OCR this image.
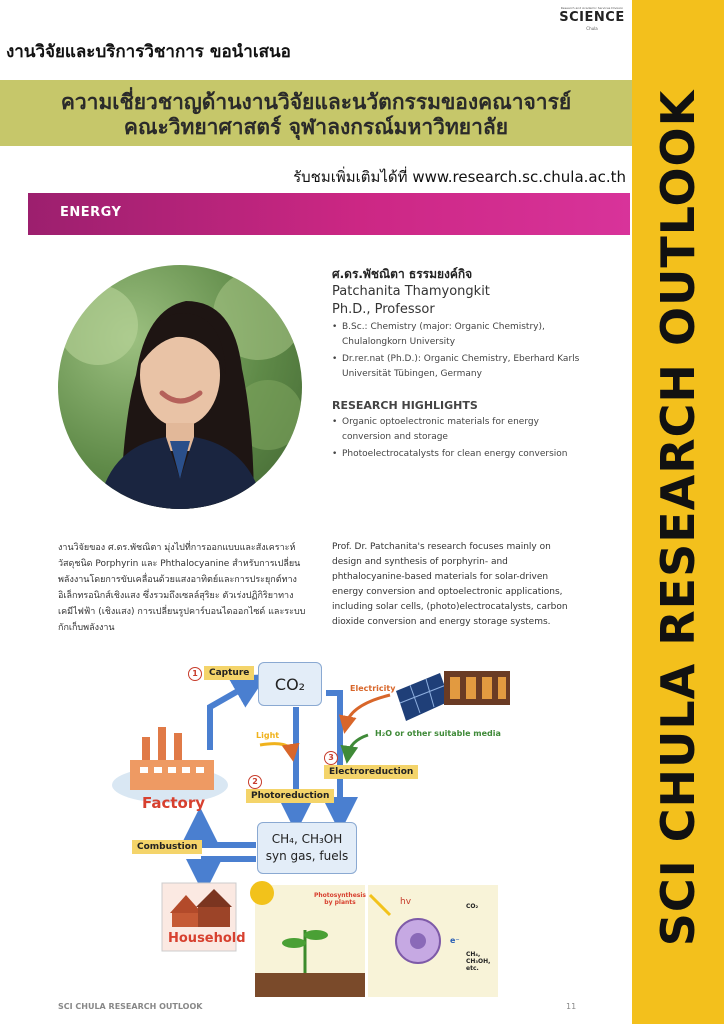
SCI CHULA RESEARCH OUTLOOK
Research and Academic Services Division
SCIENCE
Chula
งานวิจัยและบริการวิชาการ ขอนำเสนอ
ความเชี่ยวชาญด้านงานวิจัยและนวัตกรรมของคณาจารย์
คณะวิทยาศาสตร์ จุฬาลงกรณ์มหาวิทยาลัย
รับชมเพิ่มเติมได้ที่ www.research.sc.chula.ac.th
ENERGY
ศ.ดร.พัชณิตา ธรรมยงค์กิจ
Patchanita Thamyongkit
Ph.D., Professor
• B.Sc.: Chemistry (major: Organic Chemistry), Chulalongkorn University
• Dr.rer.nat (Ph.D.): Organic Chemistry, Eberhard Karls Universität Tübingen, Germany
RESEARCH HIGHLIGHTS
• Organic optoelectronic materials for energy conversion and storage
• Photoelectrocatalysts for clean energy conversion
งานวิจัยของ ศ.ดร.พัชณิตา มุ่งไปที่การออกแบบและสังเคราะห์วัสดุชนิด Porphyrin และ Phthalocyanine สำหรับการเปลี่ยนพลังงานโดยการขับเคลื่อนด้วยแสงอาทิตย์และการประยุกต์ทางอิเล็กทรอนิกส์เชิงแสง ซึ่งรวมถึงเซลล์สุริยะ ตัวเร่งปฏิกิริยาทางเคมีไฟฟ้า (เชิงแสง) การเปลี่ยนรูปคาร์บอนไดออกไซด์ และระบบกักเก็บพลังงาน
Prof. Dr. Patchanita's research focuses mainly on design and synthesis of porphyrin- and phthalocyanine-based materials for solar-driven energy conversion and optoelectronic applications, including solar cells, (photo)electrocatalysts, carbon dioxide conversion and energy storage systems.
CO₂
CH₄, CH₃OH
syn gas, fuels
1	Capture
2
Photoreduction
3
Electroreduction
Combustion
Light
Electricity
H₂O or other suitable media
Factory
Household
Photosynthesis by plants	hv	CO₂
e⁻
CH₄,
CH₃OH,
etc.
SCI CHULA RESEARCH OUTLOOK	11
